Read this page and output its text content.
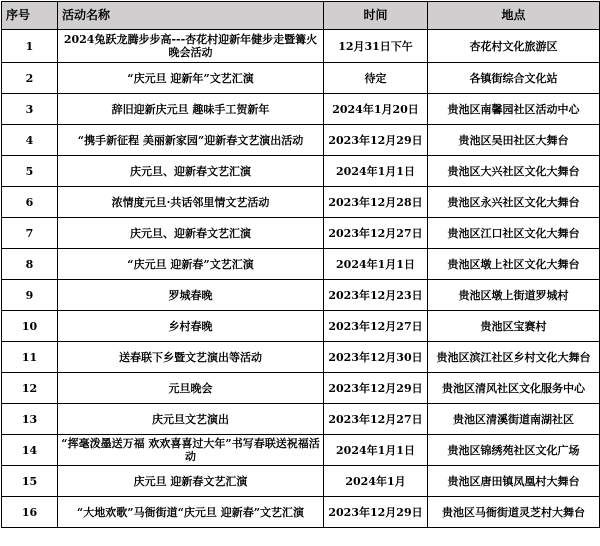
序号	活动名称	时间	地点
1	2024兔跃龙腾步步高---杏花村迎新年健步走暨篝火晚会活动	12月31日下午	杏花村文化旅游区
2	“庆元旦 迎新年”文艺汇演	待定	各镇街综合文化站
3	辞旧迎新庆元旦 趣味手工贺新年	2024年1月20日	贵池区南馨园社区活动中心
4	“携手新征程 美丽新家园”迎新春文艺演出活动	2023年12月29日	贵池区吴田社区大舞台
5	庆元旦、迎新春文艺汇演	2024年1月1日	贵池区大兴社区文化大舞台
6	浓情度元旦·共话邻里情文艺活动	2023年12月28日	贵池区永兴社区文化大舞台
7	庆元旦、迎新春文艺汇演	2023年12月27日	贵池区江口社区文化大舞台
8	“庆元旦 迎新春”文艺汇演	2024年1月1日	贵池区墩上社区文化大舞台
9	罗城春晚	2023年12月23日	贵池区墩上街道罗城村
10	乡村春晚	2023年12月27日	贵池区宝赛村
11	送春联下乡暨文艺演出等活动	2023年12月30日	贵池区滨江社区乡村文化大舞台
12	元旦晚会	2023年12月29日	贵池区清风社区文化服务中心
13	庆元旦文艺演出	2023年12月27日	贵池区清溪街道南湖社区
14	“挥毫泼墨送万福 欢欢喜喜过大年”书写春联送祝福活动	2024年1月1日	贵池区锦绣苑社区文化广场
15	庆元旦 迎新春文艺汇演	2024年1月	贵池区唐田镇凤凰村大舞台
16	“大地欢歌”马衙街道“庆元旦 迎新春”文艺汇演	2023年12月29日	贵池区马衙街道灵芝村大舞台
